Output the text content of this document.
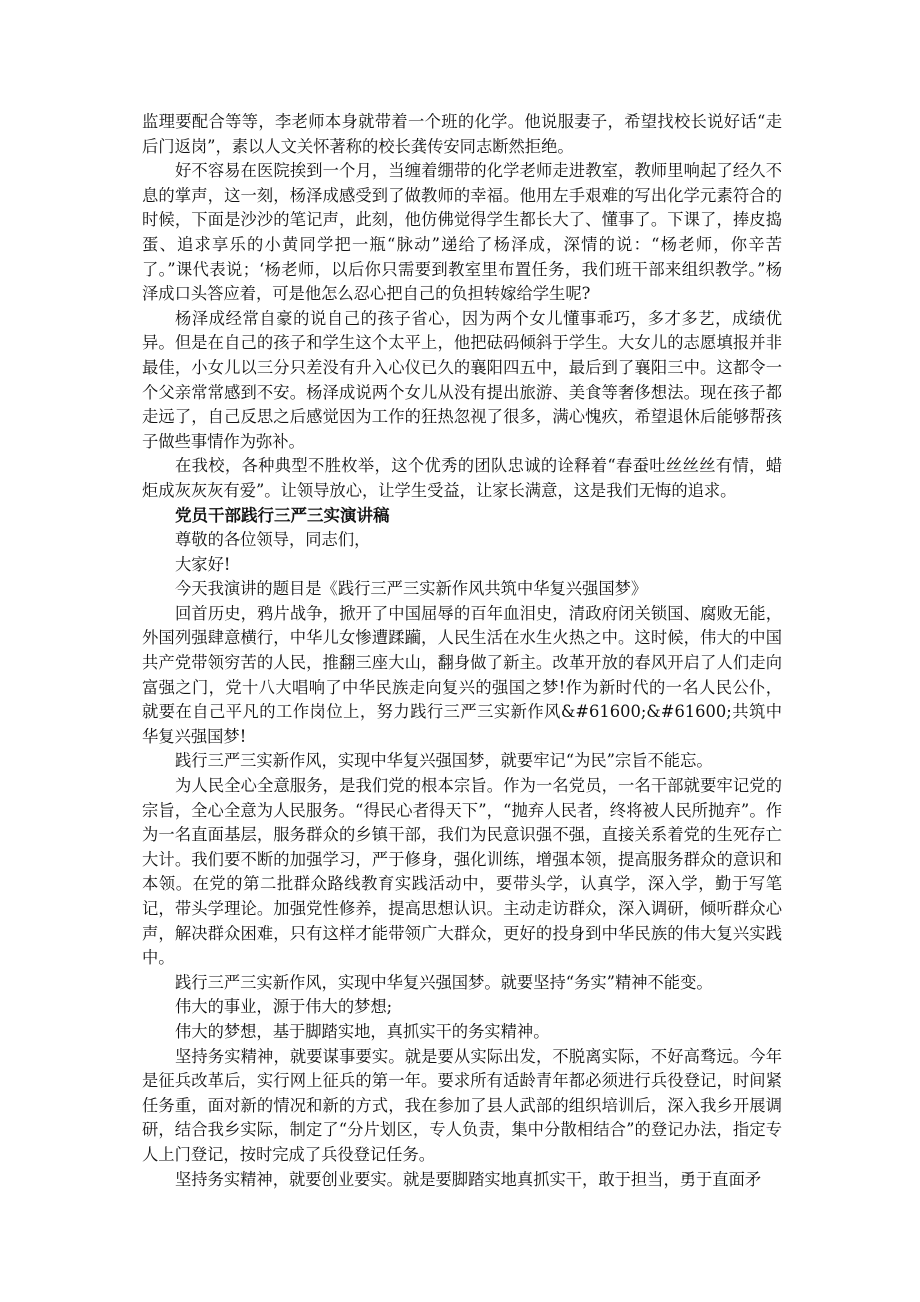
监理要配合等等，李老师本身就带着一个班的化学。他说服妻子，希望找校长说好话“走后门返岗”，素以人文关怀著称的校长龚传安同志断然拒绝。

好不容易在医院挨到一个月，当缠着绷带的化学老师走进教室，教师里响起了经久不息的掌声，这一刻，杨泽成感受到了做教师的幸福。他用左手艰难的写出化学元素符合的时候，下面是沙沙的笔记声，此刻，他仿佛觉得学生都长大了、懂事了。下课了，捧皮捣蛋、追求享乐的小黄同学把一瓶“脉动”递给了杨泽成，深情的说：“杨老师，你辛苦了。”课代表说；‘杨老师，以后你只需要到教室里布置任务，我们班干部来组织教学。”杨泽成口头答应着，可是他怎么忍心把自己的负担转嫁给学生呢?

杨泽成经常自豪的说自己的孩子省心，因为两个女儿懂事乖巧，多才多艺，成绩优异。但是在自己的孩子和学生这个太平上，他把砝码倾斜于学生。大女儿的志愿填报并非最佳，小女儿以三分只差没有升入心仪已久的襄阳四五中，最后到了襄阳三中。这都令一个父亲常常感到不安。杨泽成说两个女儿从没有提出旅游、美食等奢侈想法。现在孩子都走远了，自己反思之后感觉因为工作的狂热忽视了很多，满心愧疚，希望退休后能够帮孩子做些事情作为弥补。

在我校，各种典型不胜枚举，这个优秀的团队忠诚的诠释着“春蚕吐丝丝丝有情，蜡炬成灰灰灰有爱”。让领导放心，让学生受益，让家长满意，这是我们无悔的追求。

党员干部践行三严三实演讲稿

尊敬的各位领导，同志们，

大家好!

今天我演讲的题目是《践行三严三实新作风共筑中华复兴强国梦》

回首历史，鸦片战争，掀开了中国屈辱的百年血泪史，清政府闭关锁国、腐败无能，外国列强肆意横行，中华儿女惨遭蹂躏，人民生活在水生火热之中。这时候，伟大的中国共产党带领穷苦的人民，推翻三座大山，翻身做了新主。改革开放的春风开启了人们走向富强之门，党十八大唱响了中华民族走向复兴的强国之梦!作为新时代的一名人民公仆，就要在自己平凡的工作岗位上，努力践行三严三实新作风&#61600;&#61600;共筑中华复兴强国梦!

践行三严三实新作风，实现中华复兴强国梦，就要牢记“为民”宗旨不能忘。

为人民全心全意服务，是我们党的根本宗旨。作为一名党员，一名干部就要牢记党的宗旨，全心全意为人民服务。“得民心者得天下”，“抛弃人民者，终将被人民所抛弃”。作为一名直面基层，服务群众的乡镇干部，我们为民意识强不强，直接关系着党的生死存亡大计。我们要不断的加强学习，严于修身，强化训练，增强本领，提高服务群众的意识和本领。在党的第二批群众路线教育实践活动中，要带头学，认真学，深入学，勤于写笔记，带头学理论。加强党性修养，提高思想认识。主动走访群众，深入调研，倾听群众心声，解决群众困难，只有这样才能带领广大群众，更好的投身到中华民族的伟大复兴实践中。

践行三严三实新作风，实现中华复兴强国梦。就要坚持“务实”精神不能变。

伟大的事业，源于伟大的梦想;

伟大的梦想，基于脚踏实地，真抓实干的务实精神。

坚持务实精神，就要谋事要实。就是要从实际出发，不脱离实际，不好高骛远。今年是征兵改革后，实行网上征兵的第一年。要求所有适龄青年都必须进行兵役登记，时间紧任务重，面对新的情况和新的方式，我在参加了县人武部的组织培训后，深入我乡开展调研，结合我乡实际，制定了“分片划区，专人负责，集中分散相结合”的登记办法，指定专人上门登记，按时完成了兵役登记任务。

坚持务实精神，就要创业要实。就是要脚踏实地真抓实干，敢于担当，勇于直面矛
